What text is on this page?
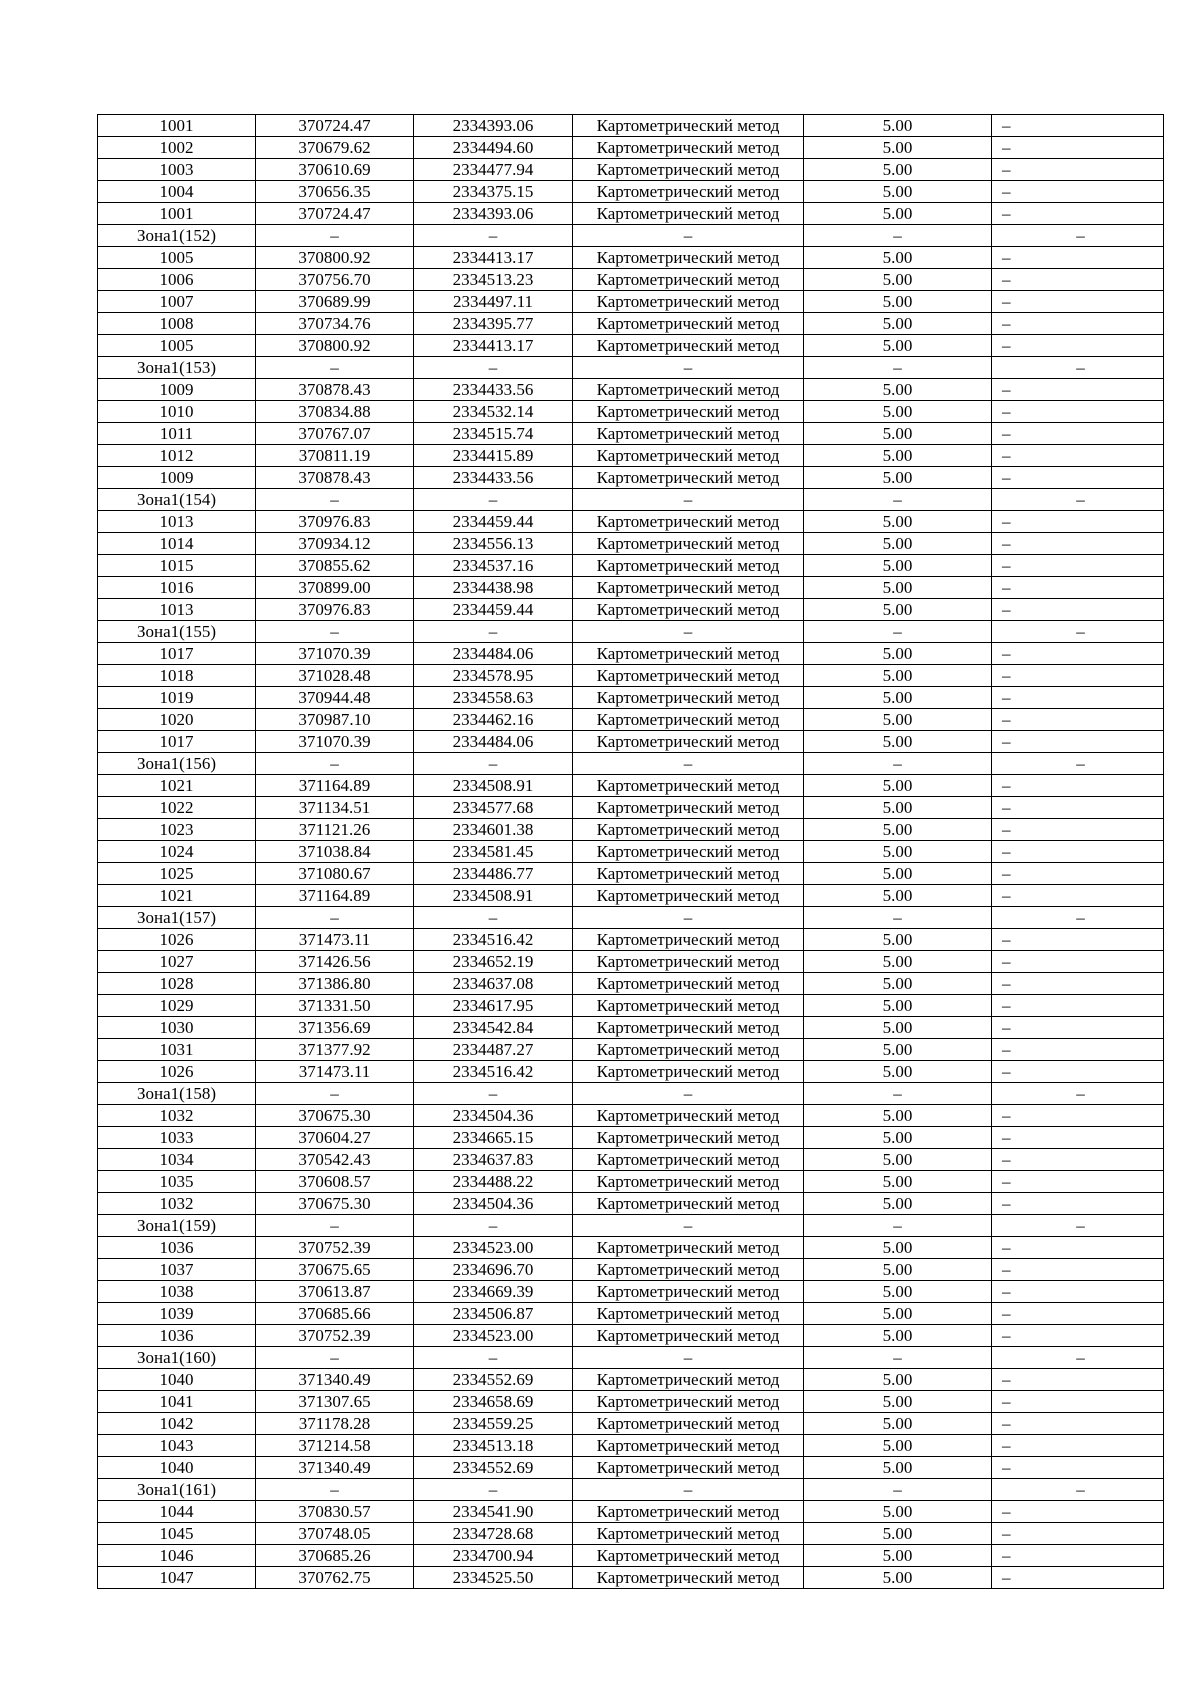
1001	370724.47	2334393.06	Картометрический метод	5.00	–
1002	370679.62	2334494.60	Картометрический метод	5.00	–
1003	370610.69	2334477.94	Картометрический метод	5.00	–
1004	370656.35	2334375.15	Картометрический метод	5.00	–
1001	370724.47	2334393.06	Картометрический метод	5.00	–
Зона1(152)	–	–	–	–	–
1005	370800.92	2334413.17	Картометрический метод	5.00	–
1006	370756.70	2334513.23	Картометрический метод	5.00	–
1007	370689.99	2334497.11	Картометрический метод	5.00	–
1008	370734.76	2334395.77	Картометрический метод	5.00	–
1005	370800.92	2334413.17	Картометрический метод	5.00	–
Зона1(153)	–	–	–	–	–
1009	370878.43	2334433.56	Картометрический метод	5.00	–
1010	370834.88	2334532.14	Картометрический метод	5.00	–
1011	370767.07	2334515.74	Картометрический метод	5.00	–
1012	370811.19	2334415.89	Картометрический метод	5.00	–
1009	370878.43	2334433.56	Картометрический метод	5.00	–
Зона1(154)	–	–	–	–	–
1013	370976.83	2334459.44	Картометрический метод	5.00	–
1014	370934.12	2334556.13	Картометрический метод	5.00	–
1015	370855.62	2334537.16	Картометрический метод	5.00	–
1016	370899.00	2334438.98	Картометрический метод	5.00	–
1013	370976.83	2334459.44	Картометрический метод	5.00	–
Зона1(155)	–	–	–	–	–
1017	371070.39	2334484.06	Картометрический метод	5.00	–
1018	371028.48	2334578.95	Картометрический метод	5.00	–
1019	370944.48	2334558.63	Картометрический метод	5.00	–
1020	370987.10	2334462.16	Картометрический метод	5.00	–
1017	371070.39	2334484.06	Картометрический метод	5.00	–
Зона1(156)	–	–	–	–	–
1021	371164.89	2334508.91	Картометрический метод	5.00	–
1022	371134.51	2334577.68	Картометрический метод	5.00	–
1023	371121.26	2334601.38	Картометрический метод	5.00	–
1024	371038.84	2334581.45	Картометрический метод	5.00	–
1025	371080.67	2334486.77	Картометрический метод	5.00	–
1021	371164.89	2334508.91	Картометрический метод	5.00	–
Зона1(157)	–	–	–	–	–
1026	371473.11	2334516.42	Картометрический метод	5.00	–
1027	371426.56	2334652.19	Картометрический метод	5.00	–
1028	371386.80	2334637.08	Картометрический метод	5.00	–
1029	371331.50	2334617.95	Картометрический метод	5.00	–
1030	371356.69	2334542.84	Картометрический метод	5.00	–
1031	371377.92	2334487.27	Картометрический метод	5.00	–
1026	371473.11	2334516.42	Картометрический метод	5.00	–
Зона1(158)	–	–	–	–	–
1032	370675.30	2334504.36	Картометрический метод	5.00	–
1033	370604.27	2334665.15	Картометрический метод	5.00	–
1034	370542.43	2334637.83	Картометрический метод	5.00	–
1035	370608.57	2334488.22	Картометрический метод	5.00	–
1032	370675.30	2334504.36	Картометрический метод	5.00	–
Зона1(159)	–	–	–	–	–
1036	370752.39	2334523.00	Картометрический метод	5.00	–
1037	370675.65	2334696.70	Картометрический метод	5.00	–
1038	370613.87	2334669.39	Картометрический метод	5.00	–
1039	370685.66	2334506.87	Картометрический метод	5.00	–
1036	370752.39	2334523.00	Картометрический метод	5.00	–
Зона1(160)	–	–	–	–	–
1040	371340.49	2334552.69	Картометрический метод	5.00	–
1041	371307.65	2334658.69	Картометрический метод	5.00	–
1042	371178.28	2334559.25	Картометрический метод	5.00	–
1043	371214.58	2334513.18	Картометрический метод	5.00	–
1040	371340.49	2334552.69	Картометрический метод	5.00	–
Зона1(161)	–	–	–	–	–
1044	370830.57	2334541.90	Картометрический метод	5.00	–
1045	370748.05	2334728.68	Картометрический метод	5.00	–
1046	370685.26	2334700.94	Картометрический метод	5.00	–
1047	370762.75	2334525.50	Картометрический метод	5.00	–
